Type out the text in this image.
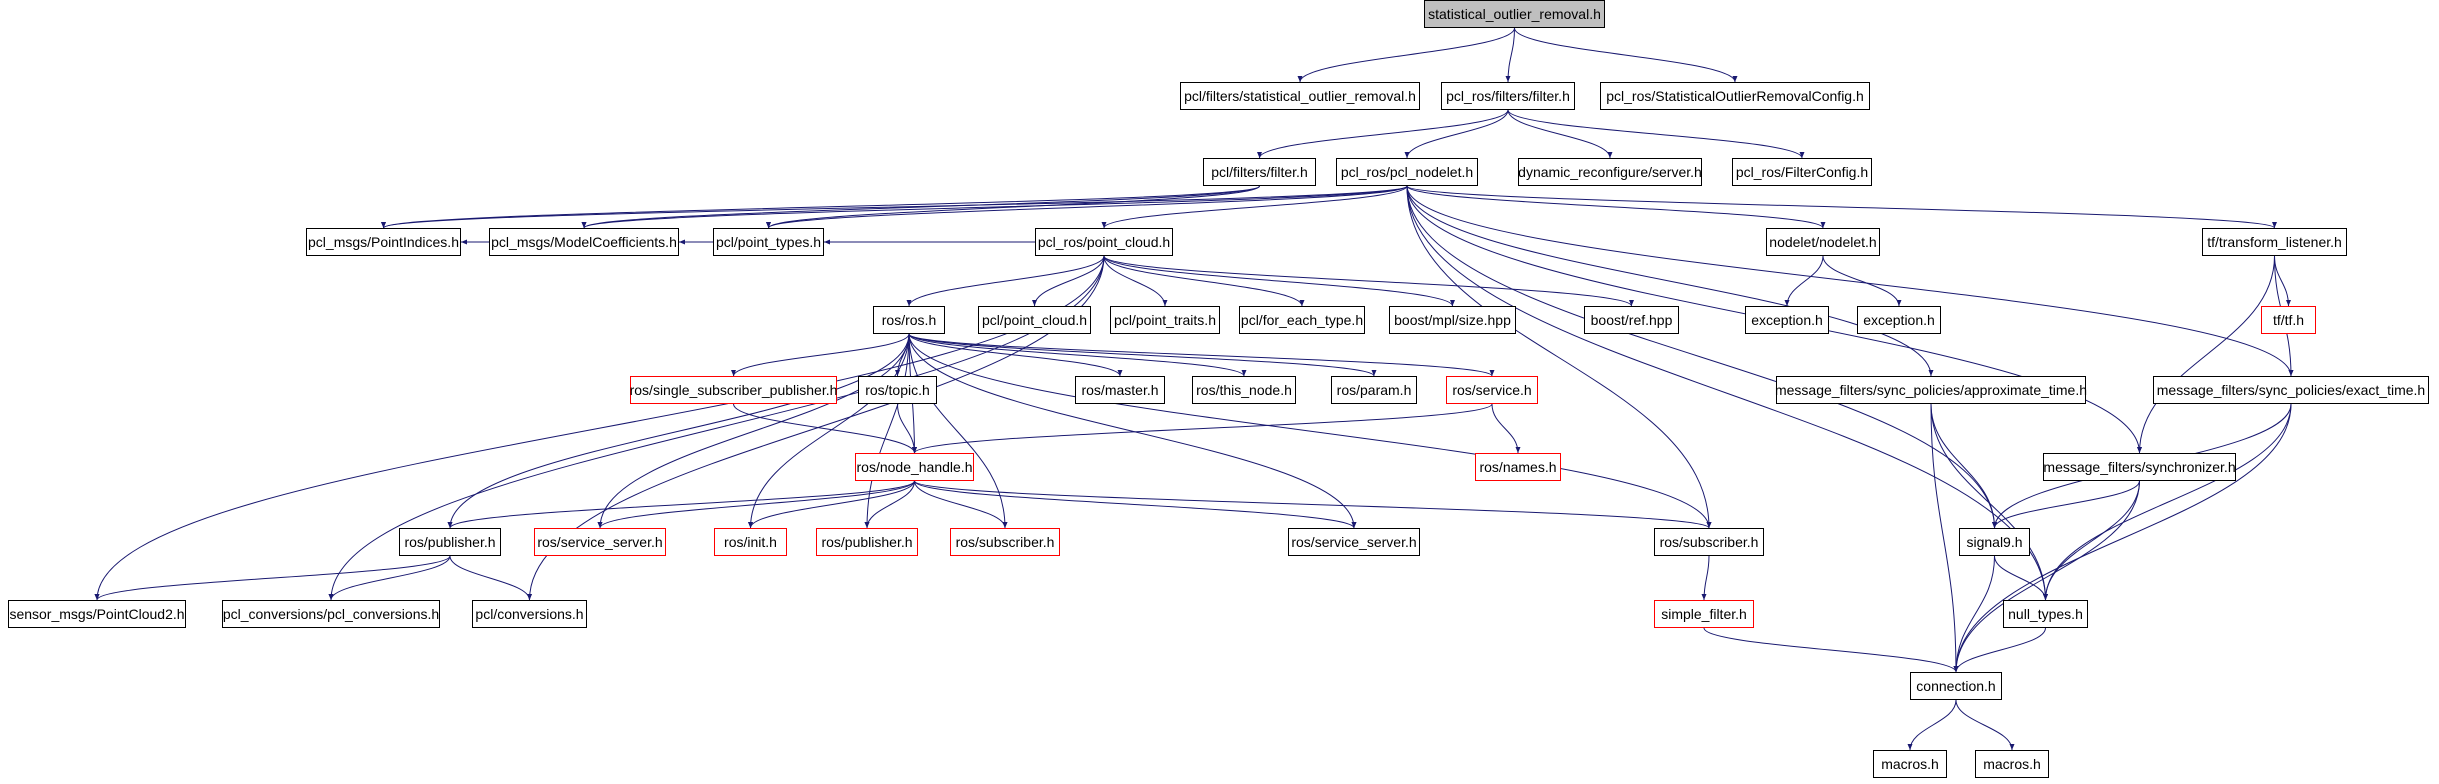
statistical_outlier_removal.h
pcl/filters/statistical_outlier_removal.h	pcl_ros/filters/filter.h	pcl_ros/StatisticalOutlierRemovalConfig.h
pcl/filters/filter.h	pcl_ros/pcl_nodelet.h	dynamic_reconfigure/server.h pcl_ros/FilterConfig.h
pcl_msgs/PointIndices.h pcl_msgs/ModelCoefficients.h	pcl/point_types.h	pcl_ros/point_cloud.h	nodelet/nodelet.h	tf/transform_listener.h
ros/ros.h	pcl/point_cloud.h pcl/point_traits.h pcl/for_each_type.h	boost/mpl/size.hpp	boost/ref.hpp	exception.h	exception.h	tf/tf.h
ros/single_subscriber_publisher.h	ros/topic.h	ros/master.h	ros/this_node.h	ros/param.h	ros/service.h	message_filters/sync_policies/approximate_time.h	message_filters/sync_policies/exact_time.h
ros/node_handle.h	ros/names.h	message_filters/synchronizer.h
signal9.h
ros/publisher.h	ros/service_server.h	ros/init.h	ros/publisher.h	ros/subscriber.h	ros/service_server.h	ros/subscriber.h
null_types.h
simple_filter.h
sensor_msgs/PointCloud2.h	pcl_conversions/pcl_conversions.h	pcl/conversions.h
connection.h
macros.h	macros.h
